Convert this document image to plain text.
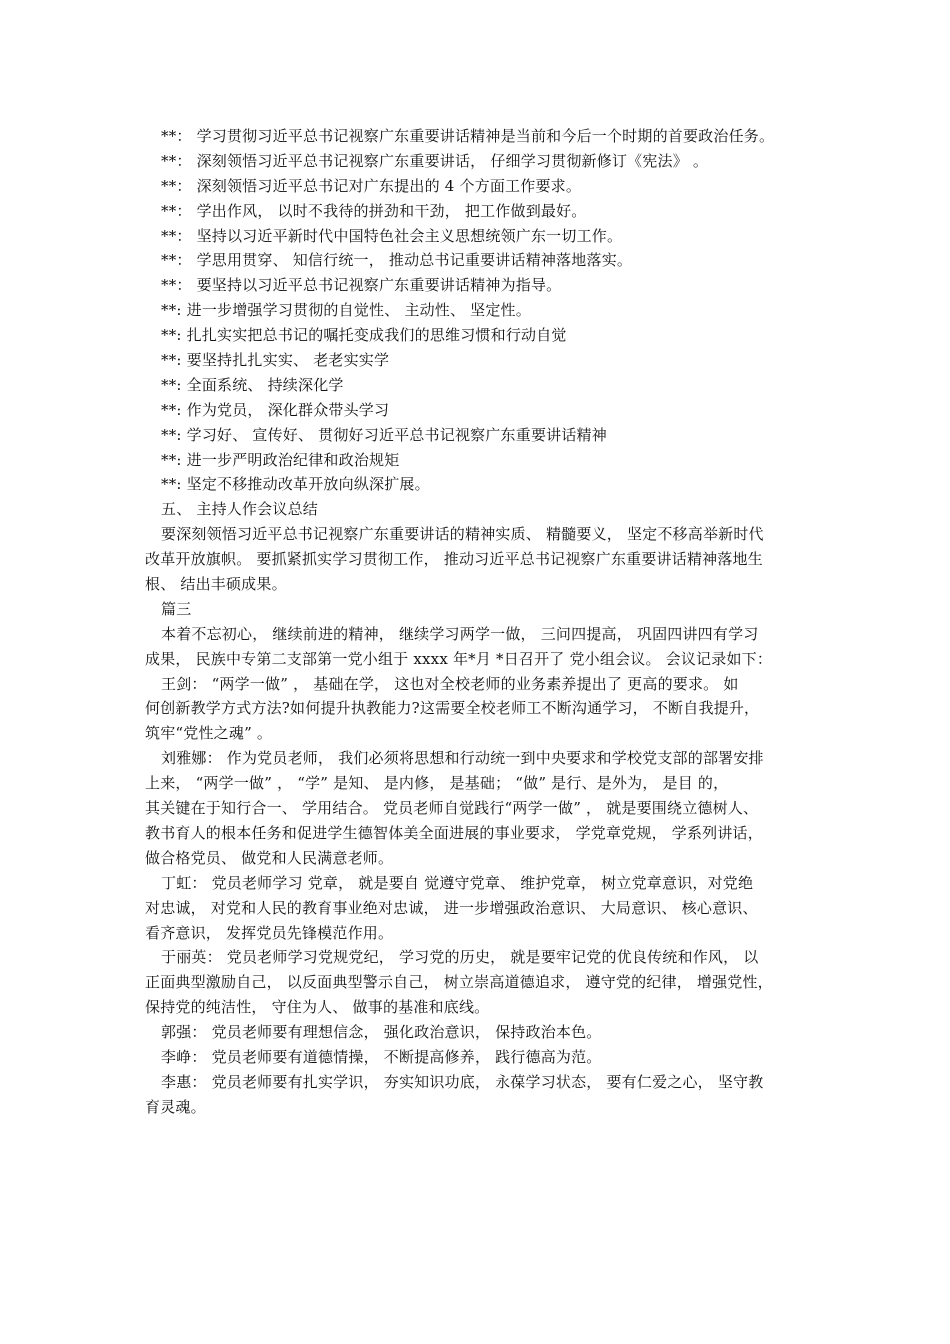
**： 学习贯彻习近平总书记视察广东重要讲话精神是当前和今后一个时期的首要政治任务。
**： 深刻领悟习近平总书记视察广东重要讲话， 仔细学习贯彻新修订《宪法》 。
**： 深刻领悟习近平总书记对广东提出的 4 个方面工作要求。
**： 学出作风， 以时不我待的拼劲和干劲， 把工作做到最好。
**： 坚持以习近平新时代中国特色社会主义思想统领广东一切工作。
**： 学思用贯穿、 知信行统一， 推动总书记重要讲话精神落地落实。
**： 要坚持以习近平总书记视察广东重要讲话精神为指导。
**: 进一步增强学习贯彻的自觉性、 主动性、 坚定性。
**: 扎扎实实把总书记的嘱托变成我们的思维习惯和行动自觉
**: 要坚持扎扎实实、 老老实实学
**: 全面系统、 持续深化学
**: 作为党员， 深化群众带头学习
**: 学习好、 宣传好、 贯彻好习近平总书记视察广东重要讲话精神
**: 进一步严明政治纪律和政治规矩
**: 坚定不移推动改革开放向纵深扩展。
五、 主持人作会议总结
要深刻领悟习近平总书记视察广东重要讲话的精神实质、 精髓要义， 坚定不移高举新时代
改革开放旗帜。 要抓紧抓实学习贯彻工作， 推动习近平总书记视察广东重要讲话精神落地生
根、 结出丰硕成果。
篇三
本着不忘初心， 继续前进的精神， 继续学习两学一做， 三问四提高， 巩固四讲四有学习
成果， 民族中专第二支部第一党小组于 xxxx 年*月 *日召开了 党小组会议。 会议记录如下：
王剑： “两学一做” ， 基础在学， 这也对全校老师的业务素养提出了 更高的要求。 如
何创新教学方式方法?如何提升执教能力?这需要全校老师工不断沟通学习， 不断自我提升，
筑牢“党性之魂” 。
刘雅娜： 作为党员老师， 我们必须将思想和行动统一到中央要求和学校党支部的部署安排
上来， “两学一做” ， “学” 是知、 是内修， 是基础； “做” 是行、是外为， 是目 的，
其关键在于知行合一、 学用结合。 党员老师自觉践行“两学一做” ， 就是要围绕立德树人、
教书育人的根本任务和促进学生德智体美全面进展的事业要求， 学党章党规， 学系列讲话，
做合格党员、 做党和人民满意老师。
丁虹： 党员老师学习 党章， 就是要自 觉遵守党章、 维护党章， 树立党章意识，对党绝
对忠诚， 对党和人民的教育事业绝对忠诚， 进一步增强政治意识、 大局意识、 核心意识、
看齐意识， 发挥党员先锋模范作用。
于丽英： 党员老师学习党规党纪， 学习党的历史， 就是要牢记党的优良传统和作风， 以
正面典型激励自己， 以反面典型警示自己， 树立崇高道德追求， 遵守党的纪律， 增强党性，
保持党的纯洁性， 守住为人、 做事的基准和底线。
郭强： 党员老师要有理想信念， 强化政治意识， 保持政治本色。
李峥： 党员老师要有道德情操， 不断提高修养， 践行德高为范。
李惠： 党员老师要有扎实学识， 夯实知识功底， 永葆学习状态， 要有仁爱之心， 坚守教
育灵魂。
